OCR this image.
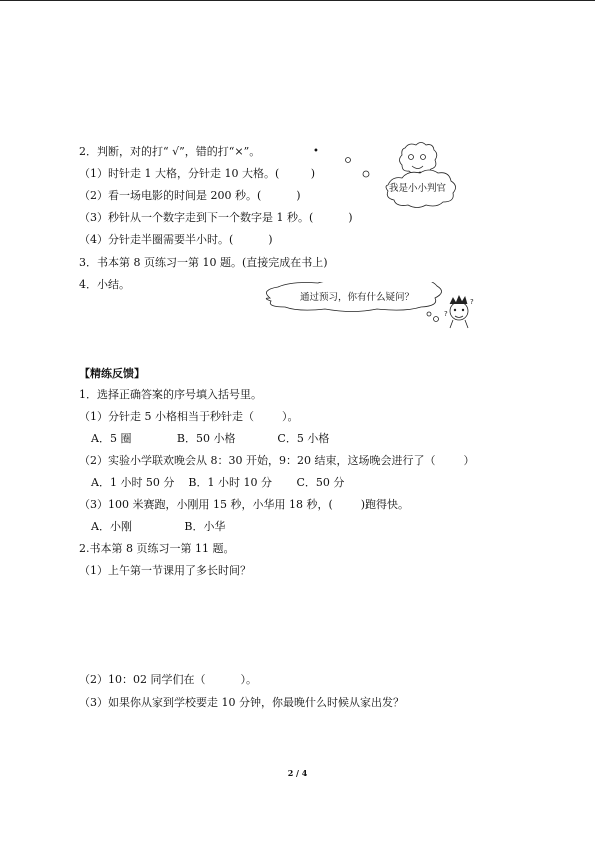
2．判断，对的打“ √”，错的打“×”。	•
（1）时针走 1 大格，分针走 10 大格。(         )
（2）看一场电影的时间是 200 秒。(          )
（3）秒针从一个数字走到下一个数字是 1 秒。(          )
（4）分针走半圈需要半小时。(          )
3．书本第 8 页练习一第 10 题。(直接完成在书上)
4．小结。
我是小小判官
?
?
通过预习，你有什么疑问？
【精练反馈】
1．选择正确答案的序号填入括号里。
（1）分针走 5 小格相当于秒针走（        ）。
A．5 圈             B．50 小格            C．5 小格
（2）实验小学联欢晚会从 8：30 开始，9：20 结束，这场晚会进行了（        ）
A．1 小时 50 分    B．1 小时 10 分       C．50 分
（3）100 米赛跑，小刚用 15 秒，小华用 18 秒，(        )跑得快。
A．小刚               B．小华
2.书本第 8 页练习一第 11 题。
（1）上午第一节课用了多长时间？
（2）10：02 同学们在（          ）。
（3）如果你从家到学校要走 10 分钟，你最晚什么时候从家出发？
2 / 4
